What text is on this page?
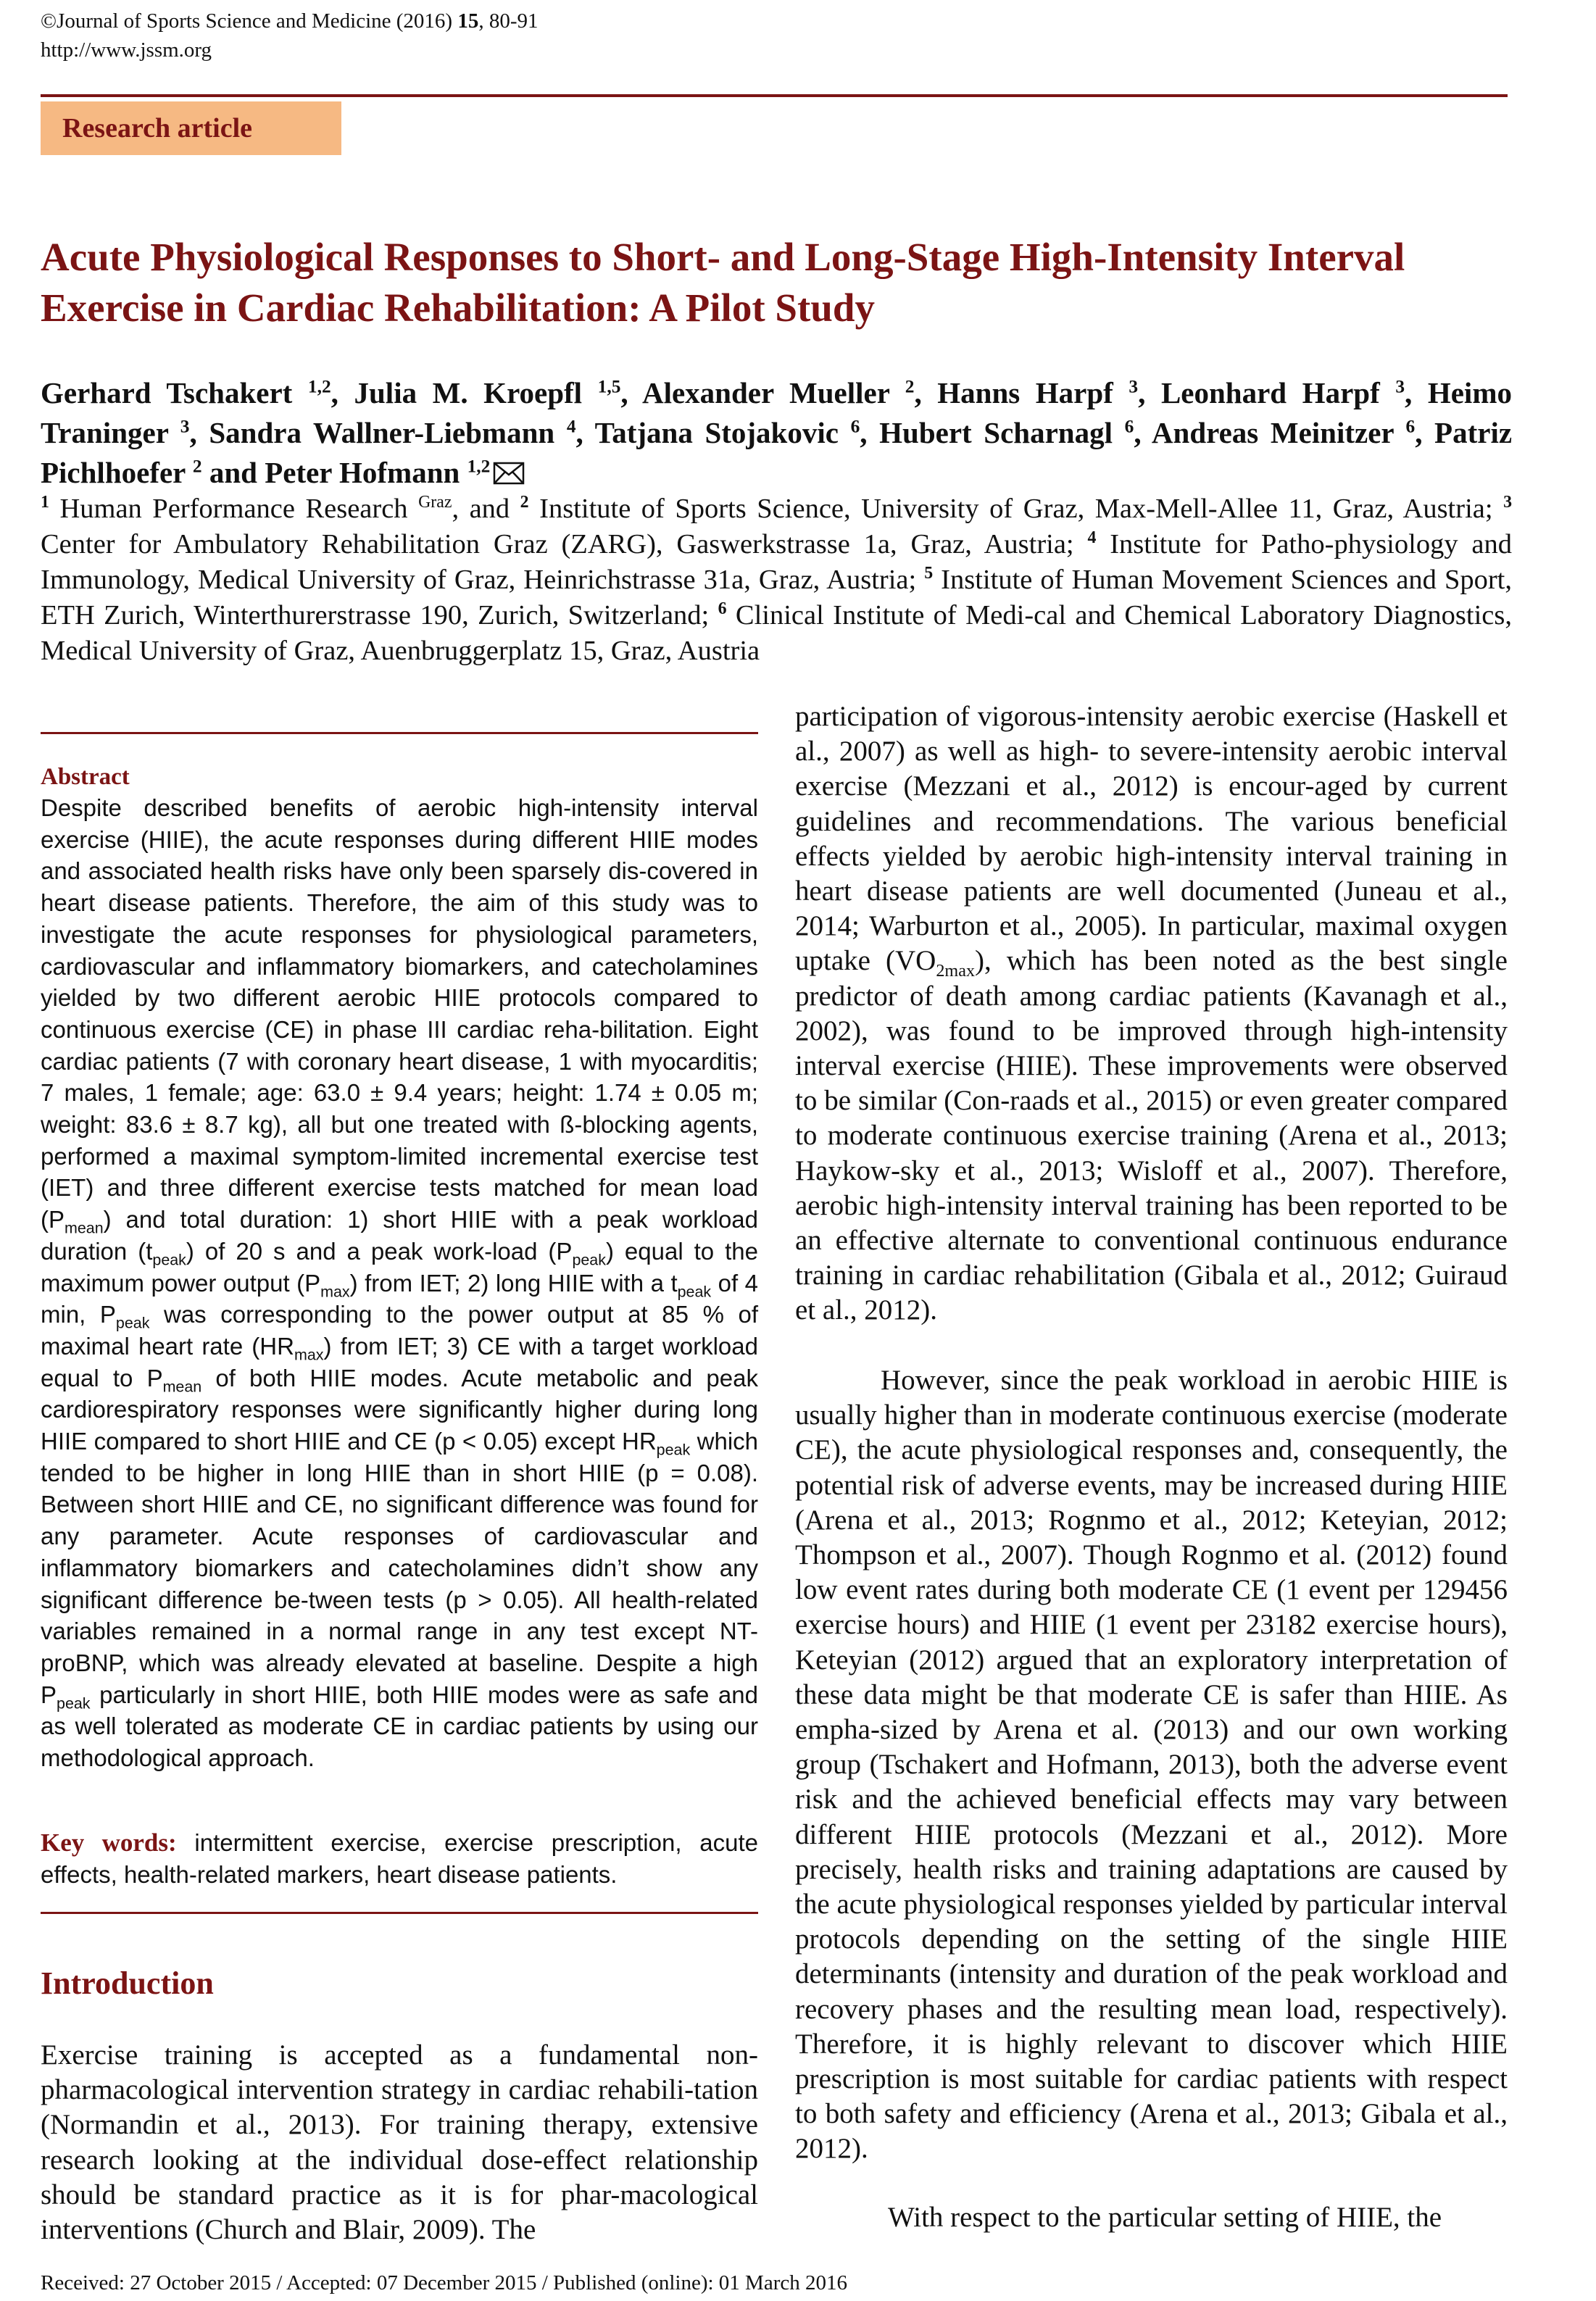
©Journal of Sports Science and Medicine (2016) 15, 80-91
http://www.jssm.org
Research article
Acute Physiological Responses to Short- and Long-Stage High-Intensity Interval Exercise in Cardiac Rehabilitation: A Pilot Study

Gerhard Tschakert $^{1,2}$, Julia M. Kroepfl $^{1,5}$, Alexander Mueller $^2$, Hanns Harpf $^3$, Leonhard Harpf $^3$, Heimo Traninger $^3$, Sandra Wallner-Liebmann $^4$, Tatjana Stojakovic $^6$, Hubert Scharnagl $^6$, Andreas Meinitzer $^6$, Patriz Pichlhoefer $^2$ and Peter Hofmann $^{1,2}$

$^1$ Human Performance Research $^{Graz}$, and $^2$ Institute of Sports Science, University of Graz, Max-Mell-Allee 11, Graz, Austria; $^3$ Center for Ambulatory Rehabilitation Graz (ZARG), Gaswerkstrasse 1a, Graz, Austria; $^4$ Institute for Patho-physiology and Immunology, Medical University of Graz, Heinrichstrasse 31a, Graz, Austria; $^5$ Institute of Human Movement Sciences and Sport, ETH Zurich, Winterthurerstrasse 190, Zurich, Switzerland; $^6$ Clinical Institute of Medi-cal and Chemical Laboratory Diagnostics, Medical University of Graz, Auenbruggerplatz 15, Graz, Austria

Abstract

Despite described benefits of aerobic high-intensity interval exercise (HIIE), the acute responses during different HIIE modes and associated health risks have only been sparsely dis-covered in heart disease patients. Therefore, the aim of this study was to investigate the acute responses for physiological parameters, cardiovascular and inflammatory biomarkers, and catecholamines yielded by two different aerobic HIIE protocols compared to continuous exercise (CE) in phase III cardiac reha-bilitation. Eight cardiac patients (7 with coronary heart disease, 1 with myocarditis; 7 males, 1 female; age: 63.0 ± 9.4 years; height: 1.74 ± 0.05 m; weight: 83.6 ± 8.7 kg), all but one treated with ß-blocking agents, performed a maximal symptom-limited incremental exercise test (IET) and three different exercise tests matched for mean load $(P_{mean})$ and total duration: 1) short HIIE with a peak workload duration $(t_{peak})$ of 20 s and a peak work-load $(P_{peak})$ equal to the maximum power output $(P_{max})$ from IET; 2) long HIIE with a $t_{peak}$ of 4 min, $P_{peak}$ was corresponding to the power output at 85 % of maximal heart rate $(HR_{max})$ from IET; 3) CE with a target workload equal to $P_{mean}$ of both HIIE modes. Acute metabolic and peak cardiorespiratory responses were significantly higher during long HIIE compared to short HIIE and CE (p < 0.05) except $HR_{peak}$ which tended to be higher in long HIIE than in short HIIE (p = 0.08). Between short HIIE and CE, no significant difference was found for any parameter. Acute responses of cardiovascular and inflammatory biomarkers and catecholamines didn’t show any significant difference be-tween tests (p > 0.05). All health-related variables remained in a normal range in any test except NT-proBNP, which was already elevated at baseline. Despite a high $P_{peak}$ particularly in short HIIE, both HIIE modes were as safe and as well tolerated as moderate CE in cardiac patients by using our methodological approach.

Key words: intermittent exercise, exercise prescription, acute effects, health-related markers, heart disease patients.

Introduction

Exercise training is accepted as a fundamental non-pharmacological intervention strategy in cardiac rehabili-tation (Normandin et al., 2013). For training therapy, extensive research looking at the individual dose-effect relationship should be standard practice as it is for phar-macological interventions (Church and Blair, 2009). The

participation of vigorous-intensity aerobic exercise (Haskell et al., 2007) as well as high- to severe-intensity aerobic interval exercise (Mezzani et al., 2012) is encour-aged by current guidelines and recommendations. The various beneficial effects yielded by aerobic high-intensity interval training in heart disease patients are well documented (Juneau et al., 2014; Warburton et al., 2005). In particular, maximal oxygen uptake $(VO_{2max})$, which has been noted as the best single predictor of death among cardiac patients (Kavanagh et al., 2002), was found to be improved through high-intensity interval exercise (HIIE). These improvements were observed to be similar (Con-raads et al., 2015) or even greater compared to moderate continuous exercise training (Arena et al., 2013; Haykow-sky et al., 2013; Wisloff et al., 2007). Therefore, aerobic high-intensity interval training has been reported to be an effective alternate to conventional continuous endurance training in cardiac rehabilitation (Gibala et al., 2012; Guiraud et al., 2012).

However, since the peak workload in aerobic HIIE is usually higher than in moderate continuous exercise (moderate CE), the acute physiological responses and, consequently, the potential risk of adverse events, may be increased during HIIE (Arena et al., 2013; Rognmo et al., 2012; Keteyian, 2012; Thompson et al., 2007). Though Rognmo et al. (2012) found low event rates during both moderate CE (1 event per 129456 exercise hours) and HIIE (1 event per 23182 exercise hours), Keteyian (2012) argued that an exploratory interpretation of these data might be that moderate CE is safer than HIIE. As empha-sized by Arena et al. (2013) and our own working group (Tschakert and Hofmann, 2013), both the adverse event risk and the achieved beneficial effects may vary between different HIIE protocols (Mezzani et al., 2012). More precisely, health risks and training adaptations are caused by the acute physiological responses yielded by particular interval protocols depending on the setting of the single HIIE determinants (intensity and duration of the peak workload and recovery phases and the resulting mean load, respectively). Therefore, it is highly relevant to discover which HIIE prescription is most suitable for cardiac patients with respect to both safety and efficiency (Arena et al., 2013; Gibala et al., 2012).

With respect to the particular setting of HIIE, the

Received: 27 October 2015 / Accepted: 07 December 2015 / Published (online): 01 March 2016
